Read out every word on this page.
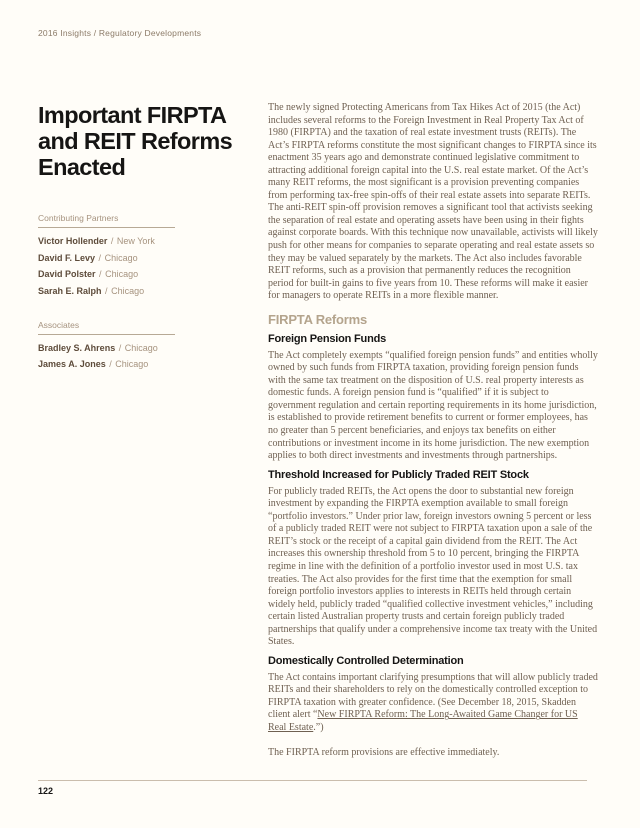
2016 Insights / Regulatory Developments
Important FIRPTA and REIT Reforms Enacted
Contributing Partners
Victor Hollender / New York
David F. Levy / Chicago
David Polster / Chicago
Sarah E. Ralph / Chicago
Associates
Bradley S. Ahrens / Chicago
James A. Jones / Chicago

The newly signed Protecting Americans from Tax Hikes Act of 2015 (the Act) includes several reforms to the Foreign Investment in Real Property Tax Act of 1980 (FIRPTA) and the taxation of real estate investment trusts (REITs). The Act’s FIRPTA reforms constitute the most significant changes to FIRPTA since its enactment 35 years ago and demonstrate continued legislative commitment to attracting additional foreign capital into the U.S. real estate market. Of the Act’s many REIT reforms, the most significant is a provision preventing companies from performing tax-free spin-offs of their real estate assets into separate REITs. The anti-REIT spin-off provision removes a significant tool that activists seeking the separation of real estate and operating assets have been using in their fights against corporate boards. With this technique now unavailable, activists will likely push for other means for companies to separate operating and real estate assets so they may be valued separately by the markets. The Act also includes favorable REIT reforms, such as a provision that permanently reduces the recognition period for built-in gains to five years from 10. These reforms will make it easier for managers to operate REITs in a more flexible manner.

FIRPTA Reforms
Foreign Pension Funds

The Act completely exempts “qualified foreign pension funds” and entities wholly owned by such funds from FIRPTA taxation, providing foreign pension funds with the same tax treatment on the disposition of U.S. real property interests as domestic funds. A foreign pension fund is “qualified” if it is subject to government regulation and certain reporting requirements in its home jurisdiction, is established to provide retirement benefits to current or former employees, has no greater than 5 percent beneficiaries, and enjoys tax benefits on either contributions or investment income in its home jurisdiction. The new exemption applies to both direct investments and investments through partnerships.

Threshold Increased for Publicly Traded REIT Stock

For publicly traded REITs, the Act opens the door to substantial new foreign investment by expanding the FIRPTA exemption available to small foreign “portfolio investors.” Under prior law, foreign investors owning 5 percent or less of a publicly traded REIT were not subject to FIRPTA taxation upon a sale of the REIT’s stock or the receipt of a capital gain dividend from the REIT. The Act increases this ownership threshold from 5 to 10 percent, bringing the FIRPTA regime in line with the definition of a portfolio investor used in most U.S. tax treaties. The Act also provides for the first time that the exemption for small foreign portfolio investors applies to interests in REITs held through certain widely held, publicly traded “qualified collective investment vehicles,” including certain listed Australian property trusts and certain foreign publicly traded partnerships that qualify under a comprehensive income tax treaty with the United States.

Domestically Controlled Determination

The Act contains important clarifying presumptions that will allow publicly traded REITs and their shareholders to rely on the domestically controlled exception to FIRPTA taxation with greater confidence. (See December 18, 2015, Skadden client alert “New FIRPTA Reform: The Long-Awaited Game Changer for US Real Estate.”)

The FIRPTA reform provisions are effective immediately.

122
